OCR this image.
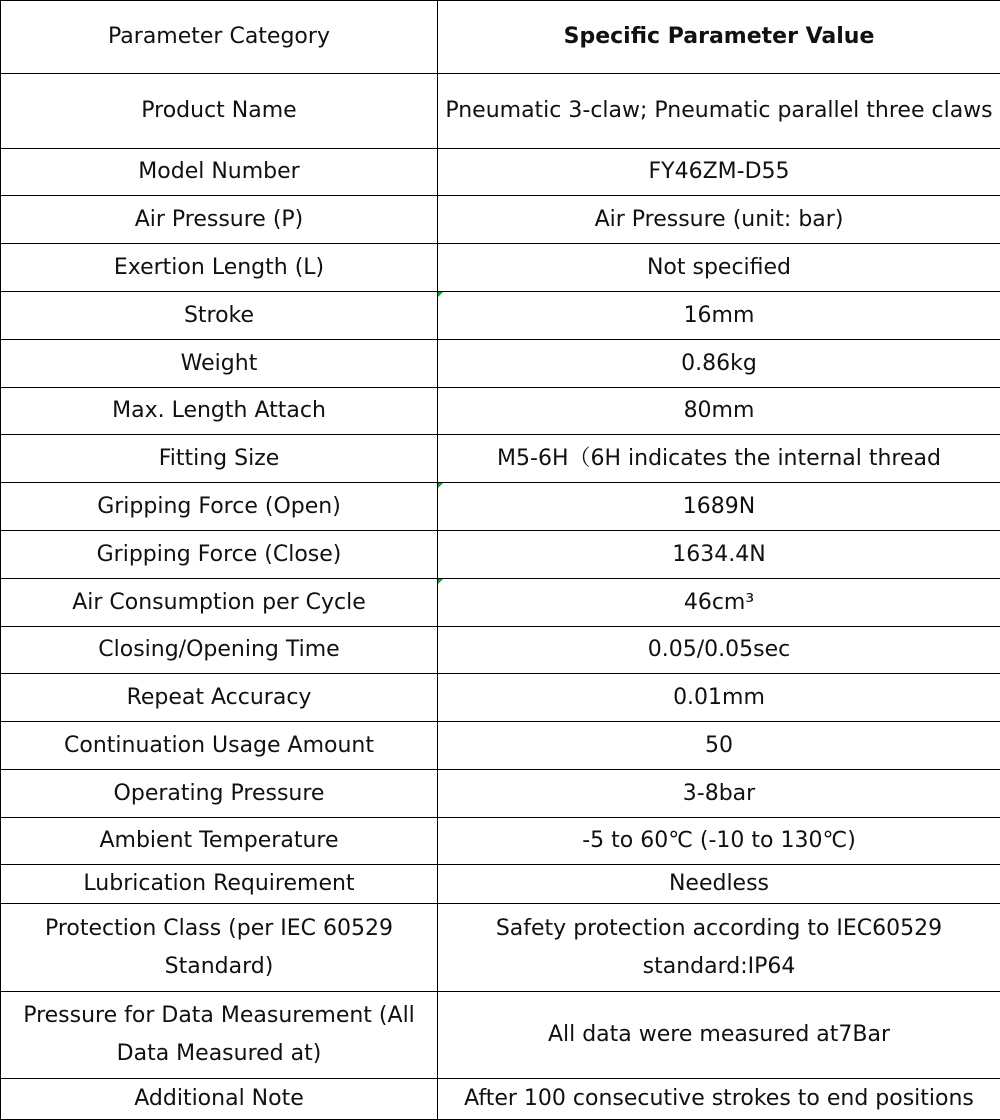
Parameter Category	Specific Parameter Value
Product Name	Pneumatic 3-claw; Pneumatic parallel three claws
Model Number	FY46ZM-D55
Air Pressure (P)	Air Pressure (unit: bar)
Exertion Length (L)	Not specified
Stroke	16mm
Weight	0.86kg
Max. Length Attach	80mm
Fitting Size	M5-6H（6H indicates the internal thread
Gripping Force (Open)	1689N
Gripping Force (Close)	1634.4N
Air Consumption per Cycle	46cm³
Closing/Opening Time	0.05/0.05sec
Repeat Accuracy	0.01mm
Continuation Usage Amount	50
Operating Pressure	3-8bar
Ambient Temperature	-5 to 60℃ (-10 to 130℃)
Lubrication Requirement	Needless
Protection Class (per IEC 60529 Standard)	Safety protection according to IEC60529 standard:IP64
Pressure for Data Measurement (All Data Measured at)	All data were measured at7Bar
Additional Note	After 100 consecutive strokes to end positions
